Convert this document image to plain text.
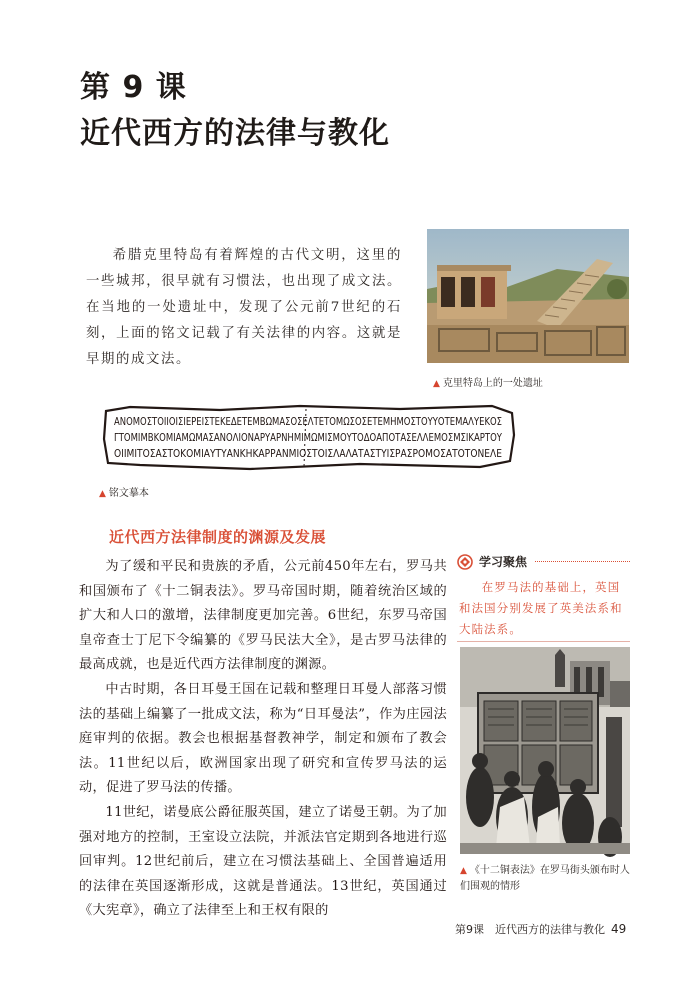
第 9 课
近代西方的法律与教化

希腊克里特岛有着辉煌的古代文明，这里的一些城邦，很早就有习惯法，也出现了成文法。在当地的一处遗址中，发现了公元前7世纪的石刻，上面的铭文记载了有关法律的内容。这就是早期的成文法。

▲ 克里特岛上的一处遗址
ΑΝΟΜΟΣΤΟΙΙΟΙΣΙΕΡΕΙΣΤΕΚΕΔΕΤΕΜΒΩΜΑΣΟΣΕΛΤΕΤΟΜΩΣΟΣΕΤΕΜΗΜΟΣΤΟΥΥΟΤΕΜΑΛΥΕΚΟΣ
ΓΤΟΜΙΜΒΚΟΜΙΑΜΩΜΑΣΑΝΟΛΙΟΝΑΡΥΑΡΝΗΜΙΜΩΜΙΣΜΟΥΤΟΔΟΑΠΟΤΑΣΕΛΛΕΜΟΣΜΣΙΚΑΡΤΟΥ
ΟΙΙΜΙΤΟΣΑΣΤΟΚΟΜΙΑΥΤΥΑΝΚΗΚΑΡΡΑΝΜΙΟΣΤΟΙΣΛΑΛΑΤΑΣΤΥΙΣΡΑΣΡΟΜΟΣΑΤΟΤΟΝΕΛΕ
▲ 铭文摹本
近代西方法律制度的渊源及发展

为了缓和平民和贵族的矛盾，公元前450年左右，罗马共和国颁布了《十二铜表法》。罗马帝国时期，随着统治区域的扩大和人口的激增，法律制度更加完善。6世纪，东罗马帝国皇帝查士丁尼下令编纂的《罗马民法大全》，是古罗马法律的最高成就，也是近代西方法律制度的渊源。

中古时期，各日耳曼王国在记载和整理日耳曼人部落习惯法的基础上编纂了一批成文法，称为“日耳曼法”，作为庄园法庭审判的依据。教会也根据基督教神学，制定和颁布了教会法。11世纪以后，欧洲国家出现了研究和宣传罗马法的运动，促进了罗马法的传播。

11世纪，诺曼底公爵征服英国，建立了诺曼王朝。为了加强对地方的控制，王室设立法院，并派法官定期到各地进行巡回审判。12世纪前后，建立在习惯法基础上、全国普遍适用的法律在英国逐渐形成，这就是普通法。13世纪，英国通过《大宪章》，确立了法律至上和王权有限的

学习聚焦

在罗马法的基础上，英国和法国分别发展了英美法系和大陆法系。

▲ 《十二铜表法》在罗马街头颁布时人们围观的情形
第9课　近代西方的法律与教化 49
